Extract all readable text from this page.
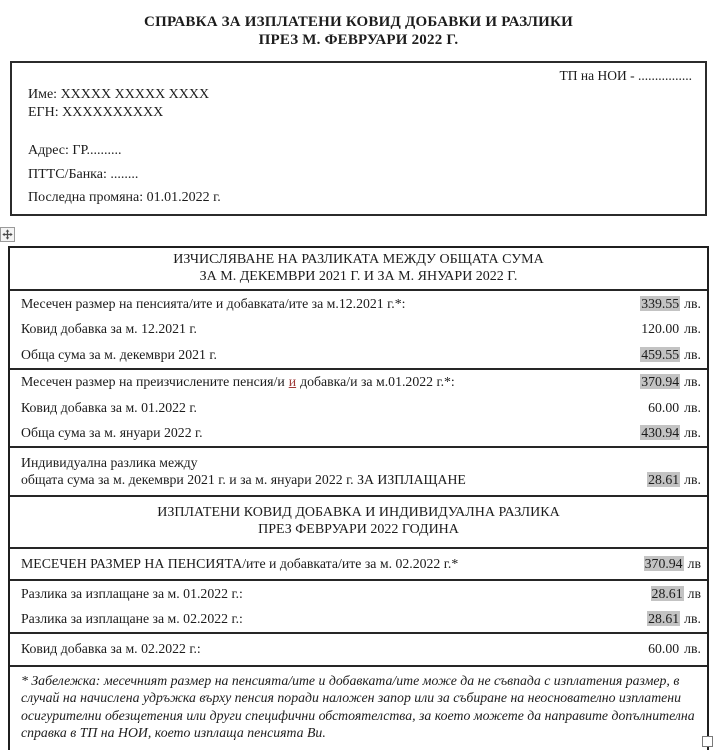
СПРАВКА ЗА ИЗПЛАТЕНИ КОВИД ДОБАВКИ И РАЗЛИКИ
ПРЕЗ М. ФЕВРУАРИ 2022 Г.
ТП на НОИ - ................
Име: XXXXX XXXXX XXXX
ЕГН: XXXXXXXXXX
Адрес: ГР..........
ПТТС/Банка: ........
Последна промяна: 01.01.2022 г.
ИЗЧИСЛЯВАНЕ НА РАЗЛИКАТА МЕЖДУ ОБЩАТА СУМА
ЗА М. ДЕКЕМВРИ 2021 Г. И ЗА М. ЯНУАРИ 2022 Г.
Месечен размер на пенсията/ите и добавката/ите за м.12.2021 г.*:	339.55 лв.
Ковид добавка за м. 12.2021 г.	120.00 лв.
Обща сума за м. декември 2021 г.	459.55 лв.
Месечен размер на преизчислените пенсия/и и добавка/и за м.01.2022 г.*:	370.94 лв.
Ковид добавка за м. 01.2022 г.	60.00 лв.
Обща сума за м. януари 2022 г.	430.94 лв.
Индивидуална разлика между
общата сума за м. декември 2021 г. и за м. януари 2022 г. ЗА ИЗПЛАЩАНЕ	28.61 лв.
ИЗПЛАТЕНИ КОВИД ДОБАВКА И ИНДИВИДУАЛНА РАЗЛИКА
ПРЕЗ ФЕВРУАРИ 2022 ГОДИНА
МЕСЕЧЕН РАЗМЕР НА ПЕНСИЯТА/ите и добавката/ите за м. 02.2022 г.*	370.94 лв
Разлика за изплащане за м. 01.2022 г.:	28.61 лв
Разлика за изплащане за м. 02.2022 г.:	28.61 лв.
Ковид добавка за м. 02.2022 г.:	60.00 лв.
* Забележка: месечният размер на пенсията/ите и добавката/ите може да не съвпада с изплатения размер, в случай на начислена удръжка върху пенсия поради наложен запор или за събиране на неоснователно изплатени осигурителни обезщетения или други специфични обстоятелства, за което можете да направите допълнителна справка в ТП на НОИ, което изплаща пенсията Ви.
